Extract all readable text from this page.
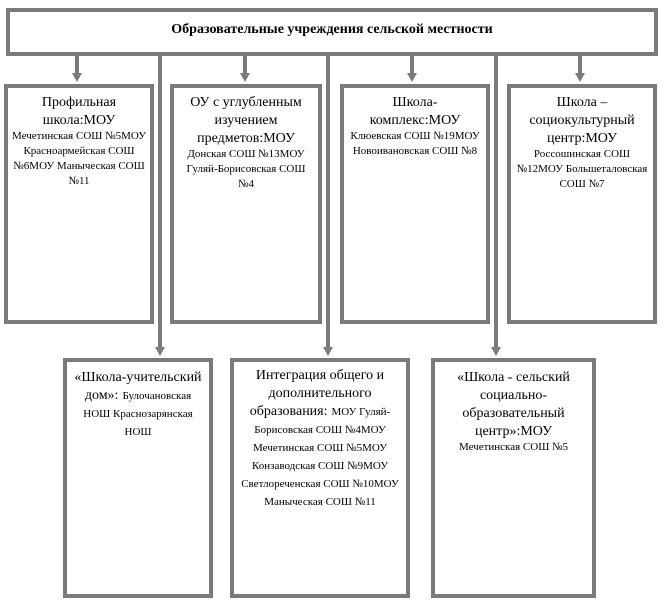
Образовательные учреждения сельской местности
Профильная школа:МОУ
Мечетинская СОШ №5МОУ Красноармейская СОШ №6МОУ Маныческая СОШ №11
ОУ с углубленным изучением предметов:МОУ
Донская СОШ №13МОУ Гуляй-Борисовская СОШ №4
Школа-комплекс:МОУ
Клюевская СОШ №19МОУ Новоивановская СОШ №8
Школа – социокультурный центр:МОУ
Россошинская СОШ №12МОУ Большеталовская СОШ №7
«Школа-учительский дом»: Булочановская НОШ Краснозарянская НОШ
Интеграция общего и дополнительного образования: МОУ Гуляй-Борисовская СОШ №4МОУ Мечетинская СОШ №5МОУ Конзаводская СОШ №9МОУ Светлореченская СОШ №10МОУ Маныческая СОШ №11
«Школа - сельский социально-образовательный центр»:МОУ
Мечетинская СОШ №5
